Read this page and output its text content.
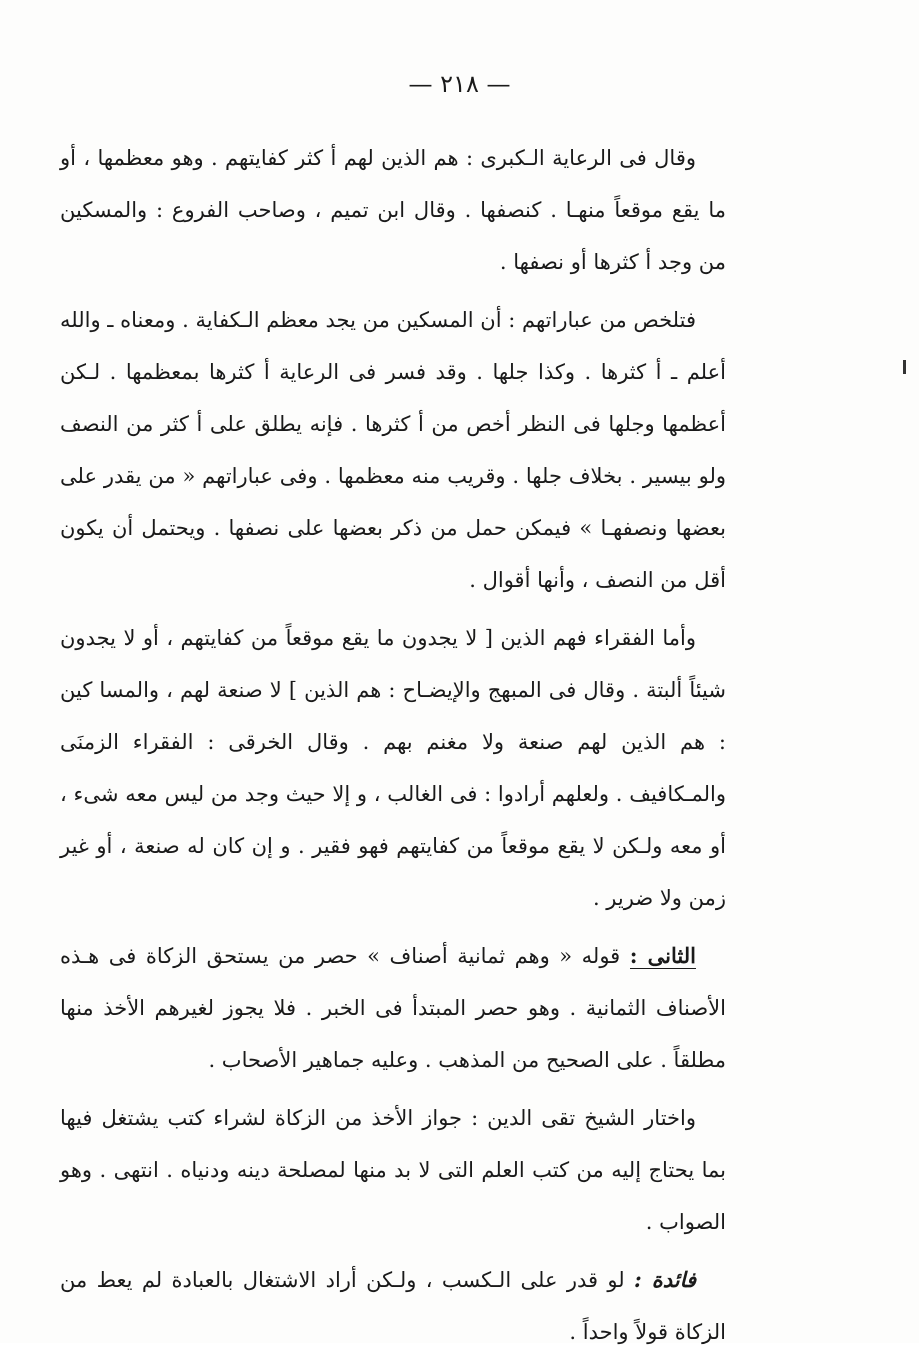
— ٢١٨ —

وقال فى الرعاية الـكبرى : هم الذين لهم أ كثر كفايتهم . وهو معظمها ، أو ما يقع موقعاً منهـا . كنصفها . وقال ابن تميم ، وصاحب الفروع : والمسكين من وجد أ كثرها أو نصفها .

فتلخص من عباراتهم : أن المسكين من يجد معظم الـكفاية . ومعناه ـ والله أعلم ـ أ كثرها . وكذا جلها . وقد فسر فى الرعاية أ كثرها بمعظمها . لـكن أعظمها وجلها فى النظر أخص من أ كثرها . فإنه يطلق على أ كثر من النصف ولو بيسير . بخلاف جلها . وقريب منه معظمها . وفى عباراتهم « من يقدر على بعضها ونصفهـا » فيمكن حمل من ذكر بعضها على نصفها . ويحتمل أن يكون أقل من النصف ، وأنها أقوال .

وأما الفقراء فهم الذين [ لا يجدون ما يقع موقعاً من كفايتهم ، أو لا يجدون شيئاً ألبتة . وقال فى المبهج والإيضـاح : هم الذين ] لا صنعة لهم ، والمسا كين : هم الذين لهم صنعة ولا مغنم بهم . وقال الخرقى : الفقراء الزمنَى والمـكافيف . ولعلهم أرادوا : فى الغالب ، و إلا حيث وجد من ليس معه شىء ، أو معه ولـكن لا يقع موقعاً من كفايتهم فهو فقير . و إن كان له صنعة ، أو غير زمن ولا ضرير .

الثانى : قوله « وهم ثمانية أصناف » حصر من يستحق الزكاة فى هـذه الأصناف الثمانية . وهو حصر المبتدأ فى الخبر . فلا يجوز لغيرهم الأخذ منها مطلقاً . على الصحيح من المذهب . وعليه جماهير الأصحاب .

واختار الشيخ تقى الدين : جواز الأخذ من الزكاة لشراء كتب يشتغل فيها بما يحتاج إليه من كتب العلم التى لا بد منها لمصلحة دينه ودنياه . انتهى . وهو الصواب .

فائدة : لو قدر على الـكسب ، ولـكن أراد الاشتغال بالعبادة لم يعط من الزكاة قولاً واحداً .
